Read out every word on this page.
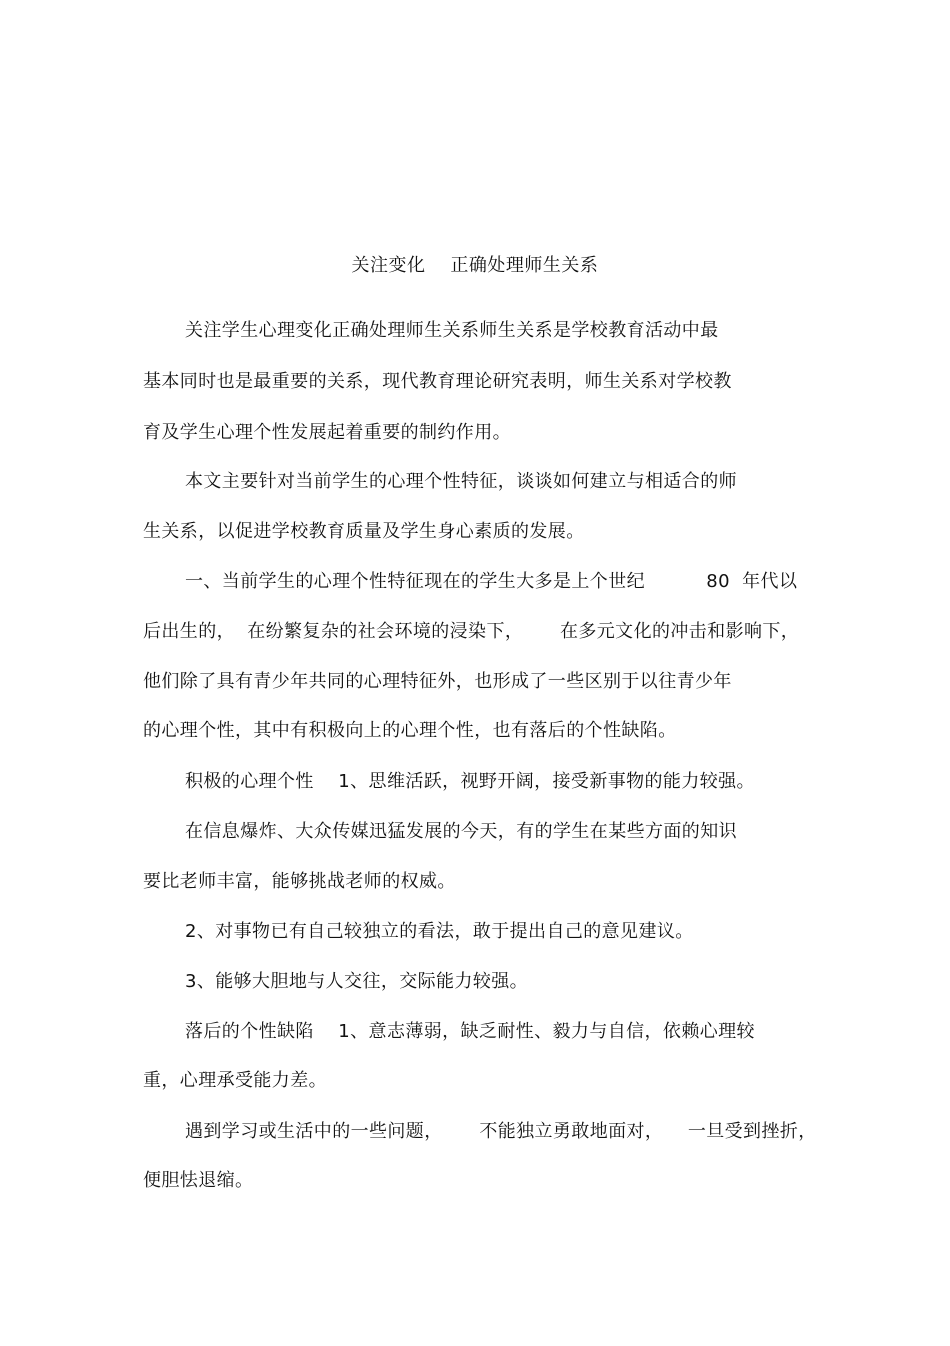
关注变化    正确处理师生关系
关注学生心理变化正确处理师生关系师生关系是学校教育活动中最
基本同时也是最重要的关系，现代教育理论研究表明，师生关系对学校教
育及学生心理个性发展起着重要的制约作用。
本文主要针对当前学生的心理个性特征，谈谈如何建立与相适合的师
生关系，以促进学校教育质量及学生身心素质的发展。
一、当前学生的心理个性特征现在的学生大多是上个世纪          80  年代以
后出生的，  在纷繁复杂的社会环境的浸染下，      在多元文化的冲击和影响下，
他们除了具有青少年共同的心理特征外，也形成了一些区别于以往青少年
的心理个性，其中有积极向上的心理个性，也有落后的个性缺陷。
积极的心理个性    1、思维活跃，视野开阔，接受新事物的能力较强。
在信息爆炸、大众传媒迅猛发展的今天，有的学生在某些方面的知识
要比老师丰富，能够挑战老师的权威。
2、对事物已有自己较独立的看法，敢于提出自己的意见建议。
3、能够大胆地与人交往，交际能力较强。
落后的个性缺陷    1、意志薄弱，缺乏耐性、毅力与自信，依赖心理较
重，心理承受能力差。
遇到学习或生活中的一些问题，      不能独立勇敢地面对，    一旦受到挫折，
便胆怯退缩。
